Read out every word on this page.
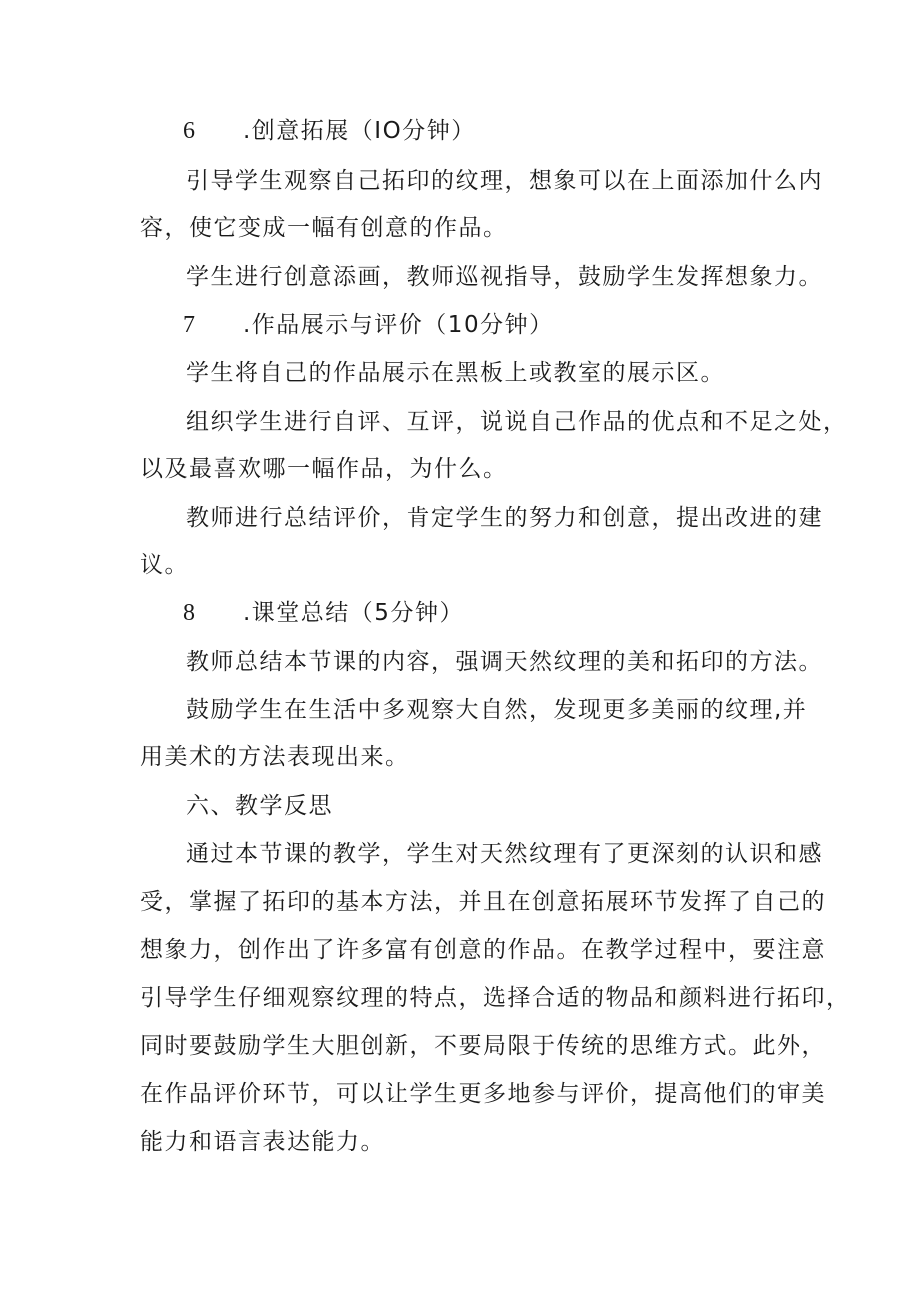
6 .创意拓展（IO分钟）
引导学生观察自己拓印的纹理，想象可以在上面添加什么内
容，使它变成一幅有创意的作品。
学生进行创意添画，教师巡视指导，鼓励学生发挥想象力。
7 .作品展示与评价（10分钟）
学生将自己的作品展示在黑板上或教室的展示区。
组织学生进行自评、互评，说说自己作品的优点和不足之处，
以及最喜欢哪一幅作品，为什么。
教师进行总结评价，肯定学生的努力和创意，提出改进的建
议。
8 .课堂总结（5分钟）
教师总结本节课的内容，强调天然纹理的美和拓印的方法。
鼓励学生在生活中多观察大自然，发现更多美丽的纹理,并
用美术的方法表现出来。
六、教学反思
通过本节课的教学，学生对天然纹理有了更深刻的认识和感
受，掌握了拓印的基本方法，并且在创意拓展环节发挥了自己的
想象力，创作出了许多富有创意的作品。在教学过程中，要注意
引导学生仔细观察纹理的特点，选择合适的物品和颜料进行拓印，
同时要鼓励学生大胆创新，不要局限于传统的思维方式。此外，
在作品评价环节，可以让学生更多地参与评价，提高他们的审美
能力和语言表达能力。
